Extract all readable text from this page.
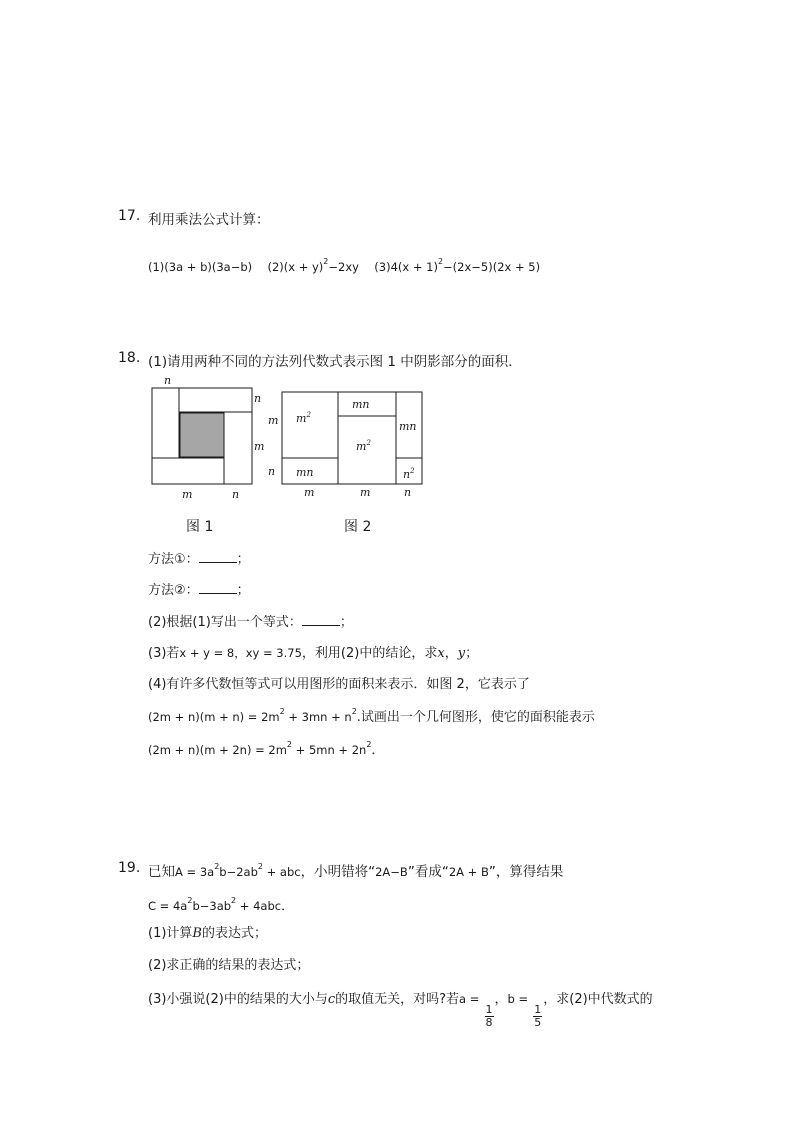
17. 利用乘法公式计算：
(1)(3a + b)(3a−b) $(2)(x + y)^2-2xy$ $(3)4(x + 1)^2-(2x-5)(2x + 5)$
18. (1)请用两种不同的方法列代数式表示图 1 中阴影部分的面积．
n
n
m
m	n
图 1
$m^2$
mn
$m^2$
mn
mn	$n^2$
m
n
m	m	n
图 2
方法①：	；
方法②：	；
(2)根据(1)写出一个等式：	；
(3)若x + y = 8，xy = 3.75，利用(2)中的结论，求x，y；
(4)有许多代数恒等式可以用图形的面积来表示．如图 2，它表示了
$(2m + n)(m + n) = 2m^2 + 3mn + n^2$.试画出一个几何图形，使它的面积能表示
$(2m + n)(m + 2n) = 2m^2 + 5mn + 2n^2$．
19. 已知$A = 3a^2b-2ab^2$ + abc，小明错将“2A−B”看成“2A + B”，算得结果
$C = 4a^2b-3ab^2 + 4abc$．
(1)计算B的表达式；
(2)求正确的结果的表达式；
(3)小强说(2)中的结果的大小与c的取值无关，对吗?若a =
$\frac{1}{8}$
，b =
$\frac{1}{5}$
，求(2)中代数式的
